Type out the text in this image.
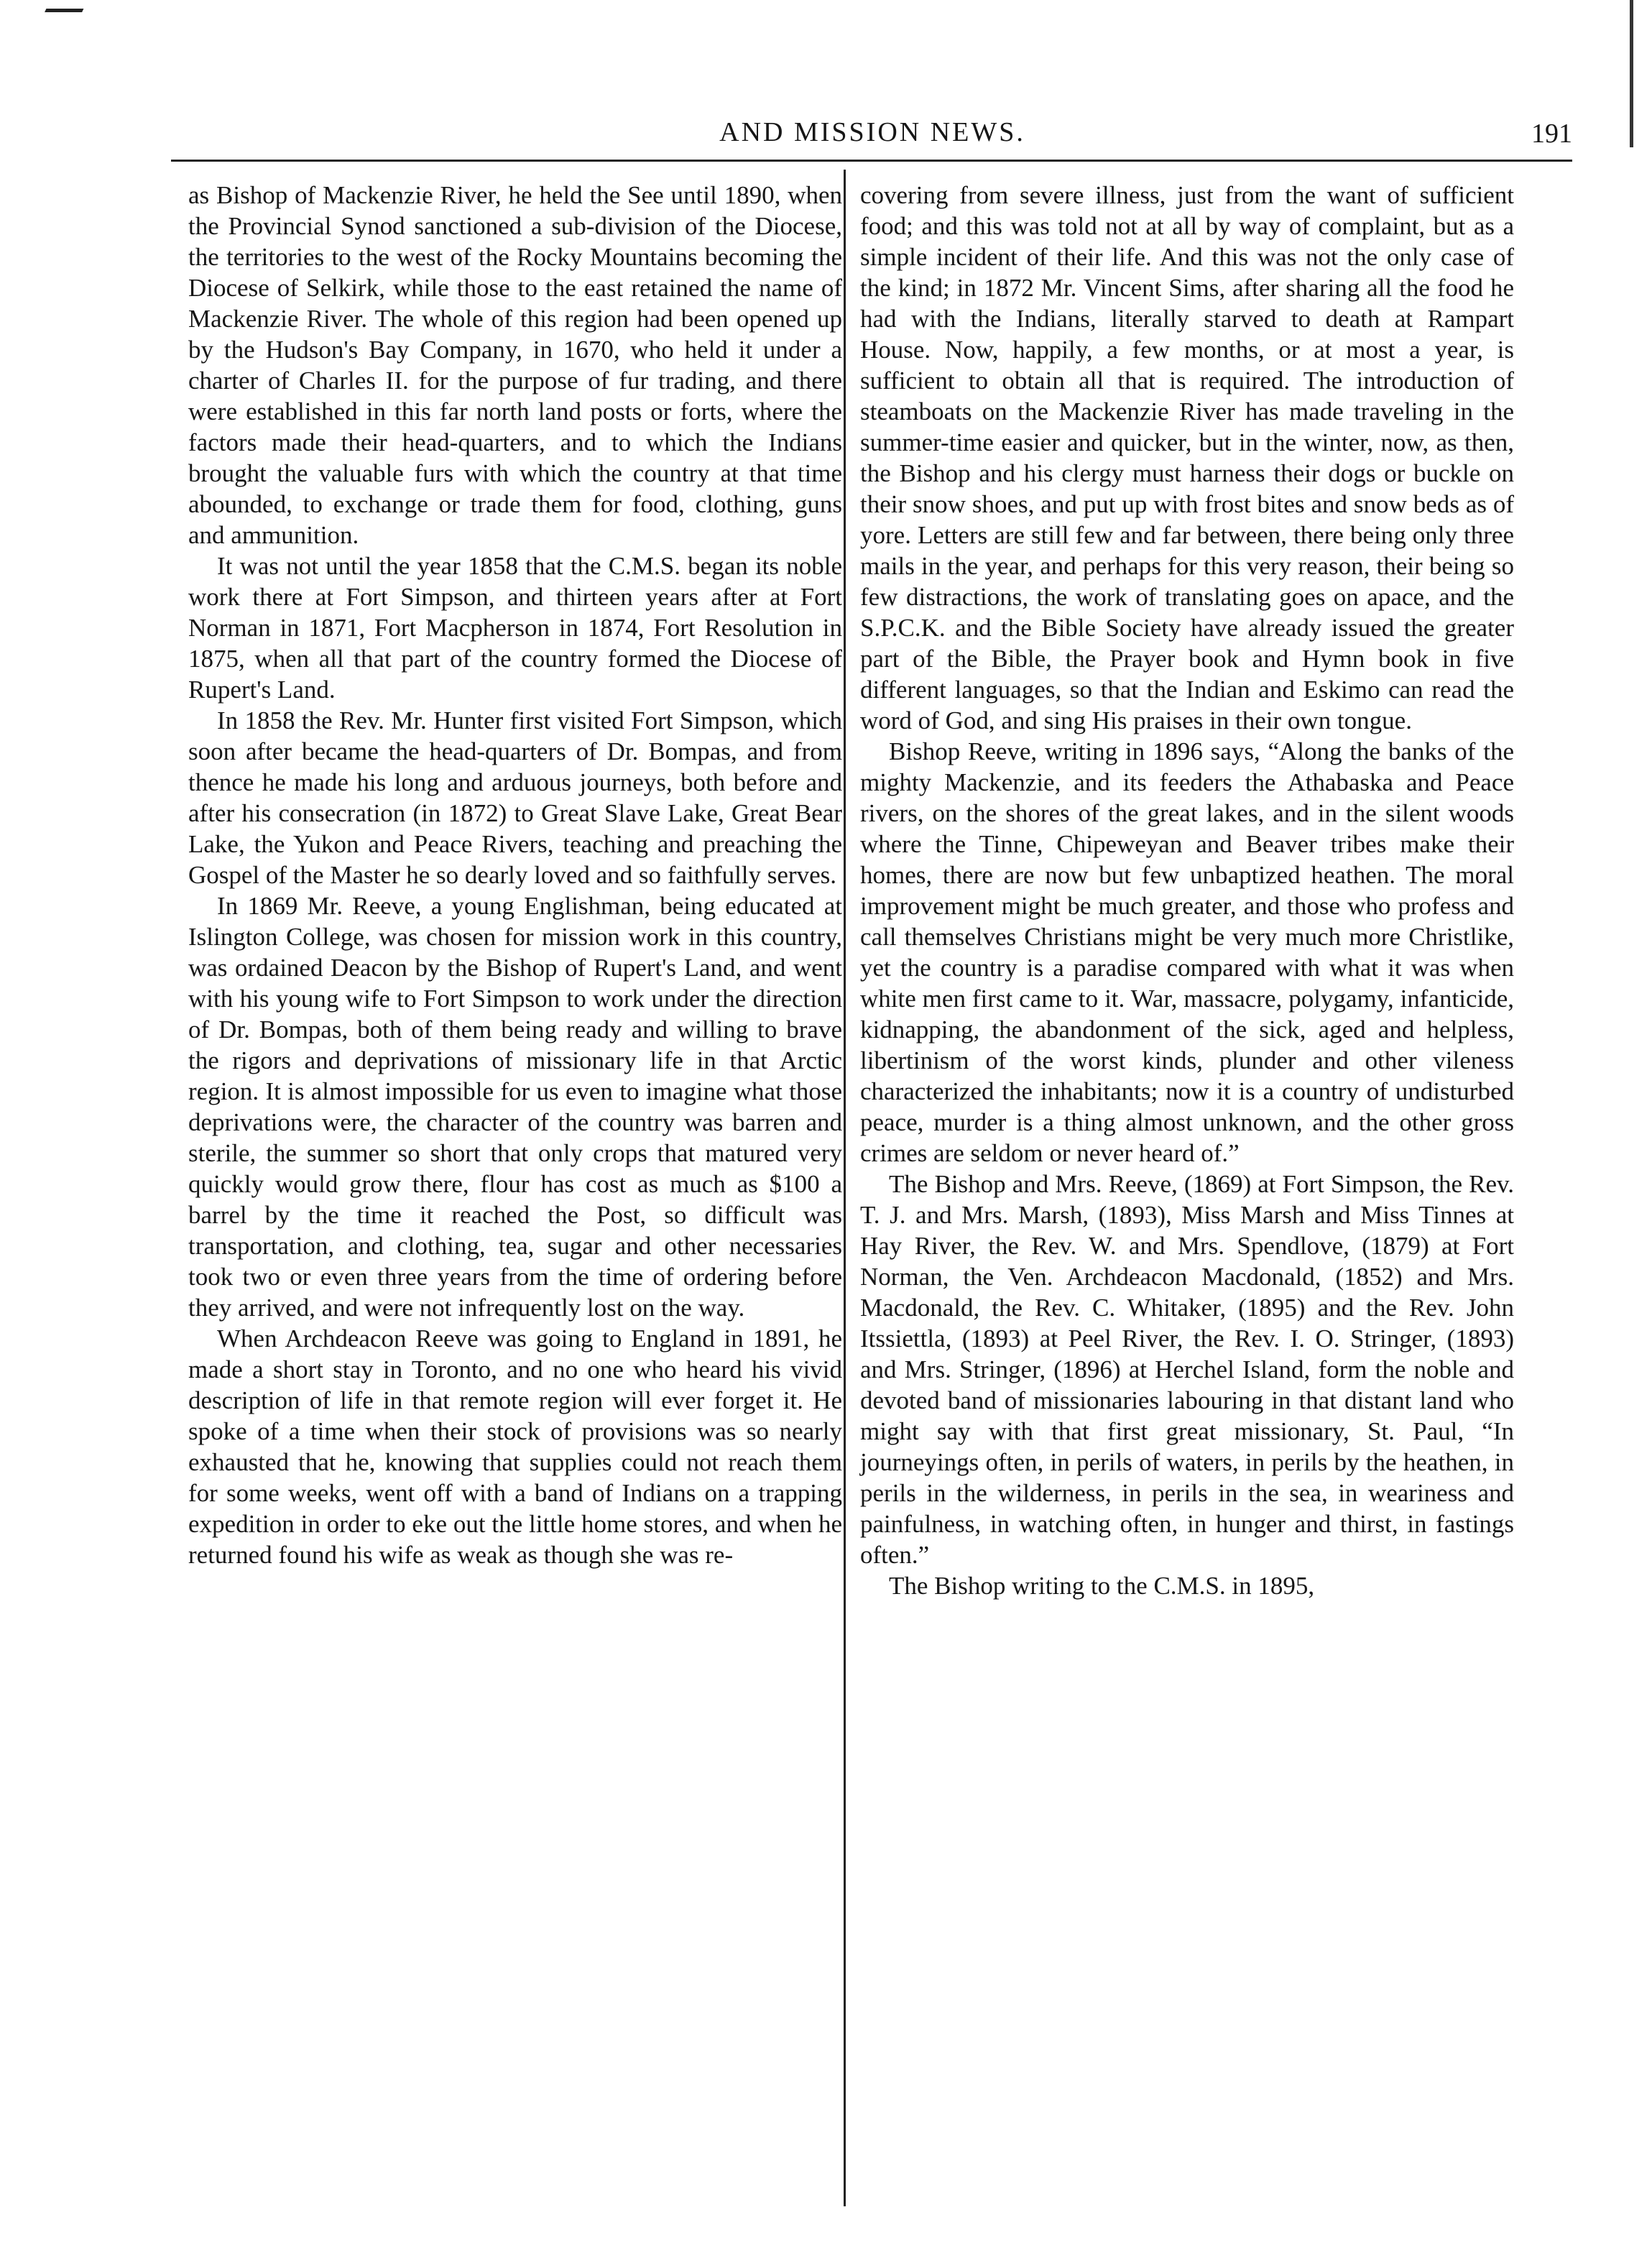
AND MISSION NEWS.	191

as Bishop of Mackenzie River, he held the See until 1890, when the Provincial Synod sanctioned a sub-division of the Diocese, the territories to the west of the Rocky Mountains becoming the Diocese of Selkirk, while those to the east retained the name of Mackenzie River. The whole of this region had been opened up by the Hudson's Bay Company, in 1670, who held it under a charter of Charles II. for the purpose of fur trading, and there were established in this far north land posts or forts, where the factors made their head-quarters, and to which the Indians brought the valuable furs with which the country at that time abounded, to exchange or trade them for food, clothing, guns and ammunition.

It was not until the year 1858 that the C.M.S. began its noble work there at Fort Simpson, and thirteen years after at Fort Norman in 1871, Fort Macpherson in 1874, Fort Resolution in 1875, when all that part of the country formed the Diocese of Rupert's Land.

In 1858 the Rev. Mr. Hunter first visited Fort Simpson, which soon after became the head-quarters of Dr. Bompas, and from thence he made his long and arduous journeys, both before and after his consecration (in 1872) to Great Slave Lake, Great Bear Lake, the Yukon and Peace Rivers, teaching and preaching the Gospel of the Master he so dearly loved and so faithfully serves.

In 1869 Mr. Reeve, a young Englishman, being educated at Islington College, was chosen for mission work in this country, was ordained Deacon by the Bishop of Rupert's Land, and went with his young wife to Fort Simpson to work under the direction of Dr. Bompas, both of them being ready and willing to brave the rigors and deprivations of missionary life in that Arctic region. It is almost impossible for us even to imagine what those deprivations were, the character of the country was barren and sterile, the summer so short that only crops that matured very quickly would grow there, flour has cost as much as $100 a barrel by the time it reached the Post, so difficult was transportation, and clothing, tea, sugar and other necessaries took two or even three years from the time of ordering before they arrived, and were not infrequently lost on the way.

When Archdeacon Reeve was going to England in 1891, he made a short stay in Toronto, and no one who heard his vivid description of life in that remote region will ever forget it. He spoke of a time when their stock of provisions was so nearly exhausted that he, knowing that supplies could not reach them for some weeks, went off with a band of Indians on a trapping expedition in order to eke out the little home stores, and when he returned found his wife as weak as though she was re-

covering from severe illness, just from the want of sufficient food; and this was told not at all by way of complaint, but as a simple incident of their life. And this was not the only case of the kind; in 1872 Mr. Vincent Sims, after sharing all the food he had with the Indians, literally starved to death at Rampart House. Now, happily, a few months, or at most a year, is sufficient to obtain all that is required. The introduction of steamboats on the Mackenzie River has made traveling in the summer-time easier and quicker, but in the winter, now, as then, the Bishop and his clergy must harness their dogs or buckle on their snow shoes, and put up with frost bites and snow beds as of yore. Letters are still few and far between, there being only three mails in the year, and perhaps for this very reason, their being so few distractions, the work of translating goes on apace, and the S.P.C.K. and the Bible Society have already issued the greater part of the Bible, the Prayer book and Hymn book in five different languages, so that the Indian and Eskimo can read the word of God, and sing His praises in their own tongue.

Bishop Reeve, writing in 1896 says, “Along the banks of the mighty Mackenzie, and its feeders the Athabaska and Peace rivers, on the shores of the great lakes, and in the silent woods where the Tinne, Chipeweyan and Beaver tribes make their homes, there are now but few unbaptized heathen. The moral improvement might be much greater, and those who profess and call themselves Christians might be very much more Christlike, yet the country is a paradise compared with what it was when white men first came to it. War, massacre, polygamy, infanticide, kidnapping, the abandonment of the sick, aged and helpless, libertinism of the worst kinds, plunder and other vileness characterized the inhabitants; now it is a country of undisturbed peace, murder is a thing almost unknown, and the other gross crimes are seldom or never heard of.”

The Bishop and Mrs. Reeve, (1869) at Fort Simpson, the Rev. T. J. and Mrs. Marsh, (1893), Miss Marsh and Miss Tinnes at Hay River, the Rev. W. and Mrs. Spendlove, (1879) at Fort Norman, the Ven. Archdeacon Macdonald, (1852) and Mrs. Macdonald, the Rev. C. Whitaker, (1895) and the Rev. John Itssiettla, (1893) at Peel River, the Rev. I. O. Stringer, (1893) and Mrs. Stringer, (1896) at Herchel Island, form the noble and devoted band of missionaries labouring in that distant land who might say with that first great missionary, St. Paul, “In journeyings often, in perils of waters, in perils by the heathen, in perils in the wilderness, in perils in the sea, in weariness and painfulness, in watching often, in hunger and thirst, in fastings often.”

The Bishop writing to the C.M.S. in 1895,
